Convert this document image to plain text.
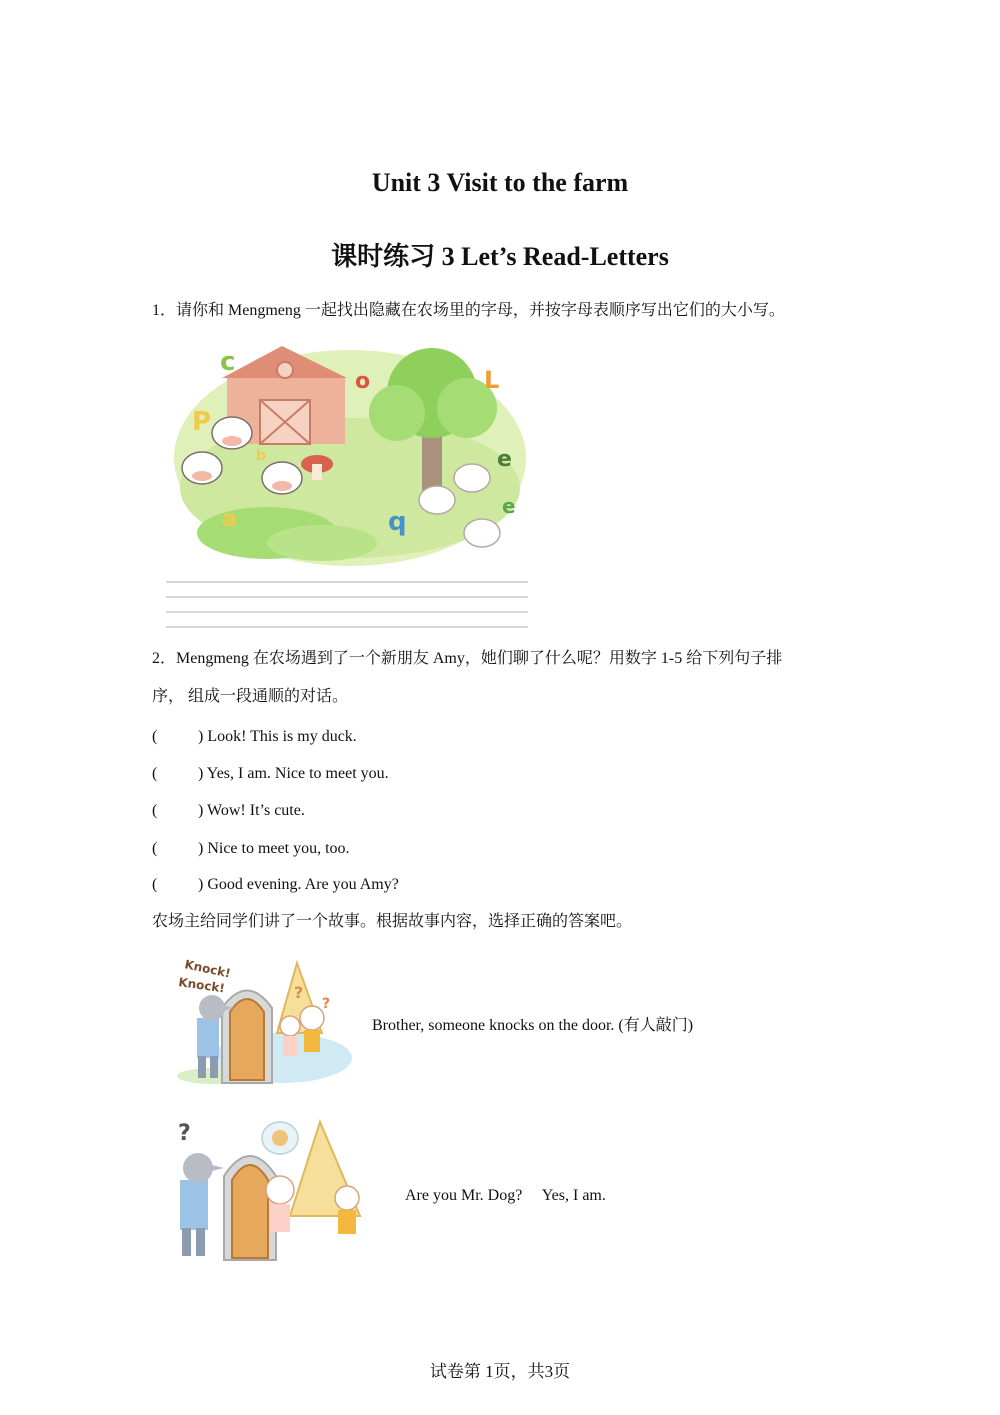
Unit 3 Visit to the farm
课时练习 3 Let’s Read-Letters
1．请你和 Mengmeng 一起找出隐藏在农场里的字母，并按字母表顺序写出它们的大小写。
c
o	L
P
b	e
a	q
e
2．Mengmeng 在农场遇到了一个新朋友 Amy，她们聊了什么呢？用数字 1-5 给下列句子排
序， 组成一段通顺的对话。
(	) Look! This is my duck.
(	) Yes, I am. Nice to meet you.
(	) Wow! It’s cute.
(	) Nice to meet you, too.
(	) Good evening. Are you Amy?
农场主给同学们讲了一个故事。根据故事内容，选择正确的答案吧。
?
?
Knock!
Knock!
Brother, someone knocks on the door. (有人敲门)
?
Are you Mr. Dog?     Yes, I am.
试卷第 1页，共3页
